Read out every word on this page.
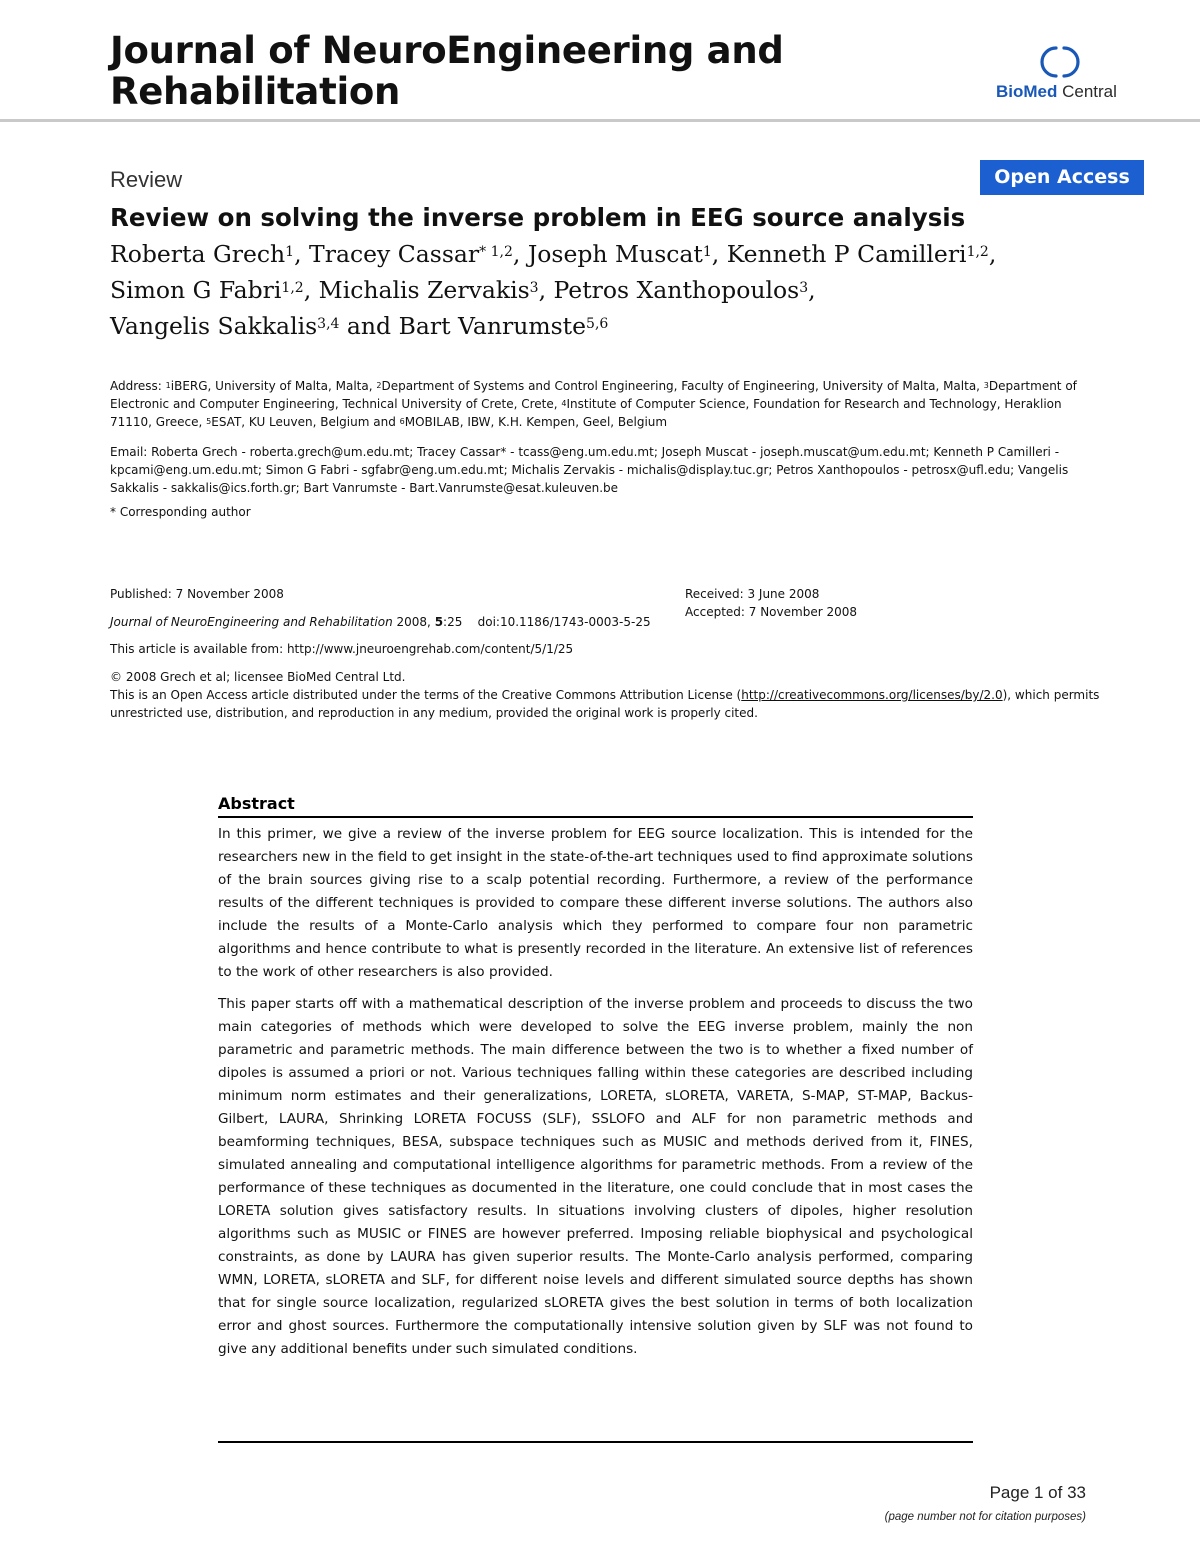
Journal of NeuroEngineering and
Rehabilitation	BioMed Central
Review	Open Access
Review on solving the inverse problem in EEG source analysis
Roberta Grech$^1$, Tracey Cassar$^{* 1,2}$, Joseph Muscat$^1$, Kenneth P Camilleri$^{1,2}$,
Simon G Fabri$^{1,2}$, Michalis Zervakis$^3$, Petros Xanthopoulos$^3$,
Vangelis Sakkalis$^{3,4}$ and Bart Vanrumste$^{5,6}$
Address: $^1$iBERG, University of Malta, Malta, $^2$Department of Systems and Control Engineering, Faculty of Engineering, University of Malta, Malta, $^3$Department of Electronic and Computer Engineering, Technical University of Crete, Crete, $^4$Institute of Computer Science, Foundation for Research and Technology, Heraklion 71110, Greece, $^5$ESAT, KU Leuven, Belgium and $^6$MOBILAB, IBW, K.H. Kempen, Geel, Belgium
Email: Roberta Grech - roberta.grech@um.edu.mt; Tracey Cassar* - tcass@eng.um.edu.mt; Joseph Muscat - joseph.muscat@um.edu.mt; Kenneth P Camilleri - kpcami@eng.um.edu.mt; Simon G Fabri - sgfabr@eng.um.edu.mt; Michalis Zervakis - michalis@display.tuc.gr; Petros Xanthopoulos - petrosx@ufl.edu; Vangelis Sakkalis - sakkalis@ics.forth.gr; Bart Vanrumste - Bart.Vanrumste@esat.kuleuven.be
* Corresponding author
Published: 7 November 2008	Received: 3 June 2008
Accepted: 7 November 2008
Journal of NeuroEngineering and Rehabilitation 2008, 5:25    doi:10.1186/1743-0003-5-25
This article is available from: http://www.jneuroengrehab.com/content/5/1/25
© 2008 Grech et al; licensee BioMed Central Ltd.
This is an Open Access article distributed under the terms of the Creative Commons Attribution License (http://creativecommons.org/licenses/by/2.0), which permits unrestricted use, distribution, and reproduction in any medium, provided the original work is properly cited.
Abstract

In this primer, we give a review of the inverse problem for EEG source localization. This is intended for the researchers new in the field to get insight in the state-of-the-art techniques used to find approximate solutions of the brain sources giving rise to a scalp potential recording. Furthermore, a review of the performance results of the different techniques is provided to compare these different inverse solutions. The authors also include the results of a Monte-Carlo analysis which they performed to compare four non parametric algorithms and hence contribute to what is presently recorded in the literature. An extensive list of references to the work of other researchers is also provided.

This paper starts off with a mathematical description of the inverse problem and proceeds to discuss the two main categories of methods which were developed to solve the EEG inverse problem, mainly the non parametric and parametric methods. The main difference between the two is to whether a fixed number of dipoles is assumed a priori or not. Various techniques falling within these categories are described including minimum norm estimates and their generalizations, LORETA, sLORETA, VARETA, S-MAP, ST-MAP, Backus-Gilbert, LAURA, Shrinking LORETA FOCUSS (SLF), SSLOFO and ALF for non parametric methods and beamforming techniques, BESA, subspace techniques such as MUSIC and methods derived from it, FINES, simulated annealing and computational intelligence algorithms for parametric methods. From a review of the performance of these techniques as documented in the literature, one could conclude that in most cases the LORETA solution gives satisfactory results. In situations involving clusters of dipoles, higher resolution algorithms such as MUSIC or FINES are however preferred. Imposing reliable biophysical and psychological constraints, as done by LAURA has given superior results. The Monte-Carlo analysis performed, comparing WMN, LORETA, sLORETA and SLF, for different noise levels and different simulated source depths has shown that for single source localization, regularized sLORETA gives the best solution in terms of both localization error and ghost sources. Furthermore the computationally intensive solution given by SLF was not found to give any additional benefits under such simulated conditions.

Page 1 of 33
(page number not for citation purposes)
